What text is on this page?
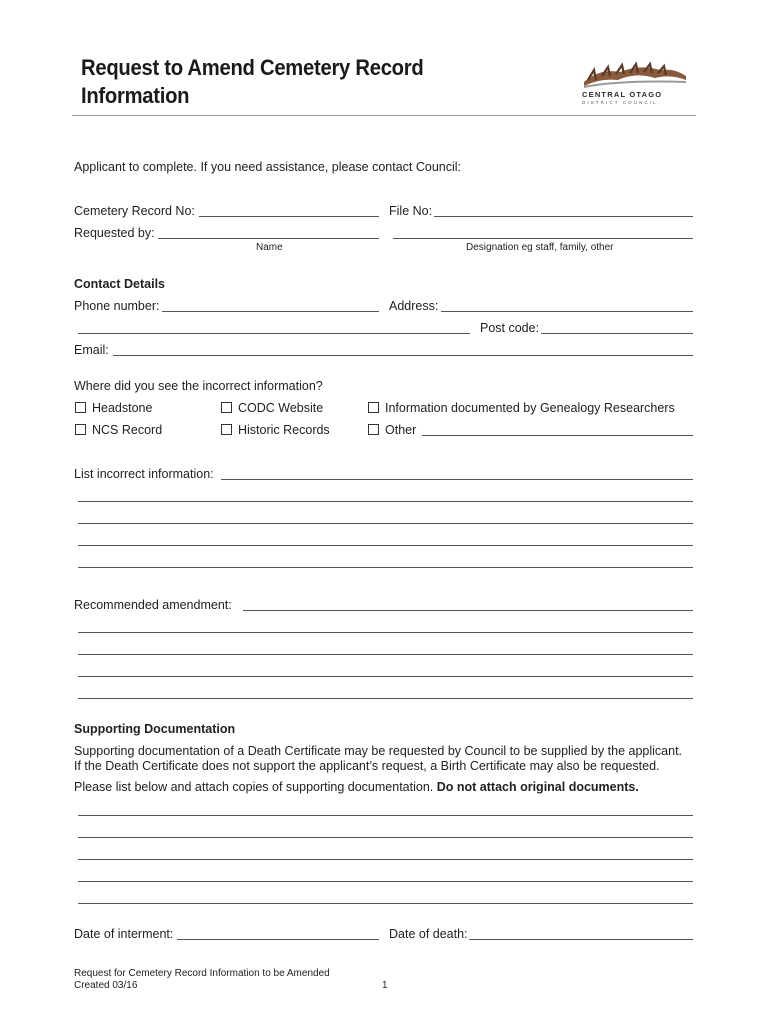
Request to Amend Cemetery Record
Information	CENTRAL OTAGO
DISTRICT COUNCIL
Applicant to complete. If you need assistance, please contact Council:
Cemetery Record No:	File No:
Requested by:
Name	Designation eg staff, family, other
Contact Details
Phone number:	Address:
Post code:
Email:
Where did you see the incorrect information?
Headstone	CODC Website	Information documented by Genealogy Researchers
NCS Record	Historic Records	Other
List incorrect information:
Recommended amendment:
Supporting Documentation
Supporting documentation of a Death Certificate may be requested by Council to be supplied by the applicant.
If the Death Certificate does not support the applicant’s request, a Birth Certificate may also be requested.
Please list below and attach copies of supporting documentation. Do not attach original documents.
Date of interment:	Date of death:
Request for Cemetery Record Information to be Amended
Created 03/16	1
